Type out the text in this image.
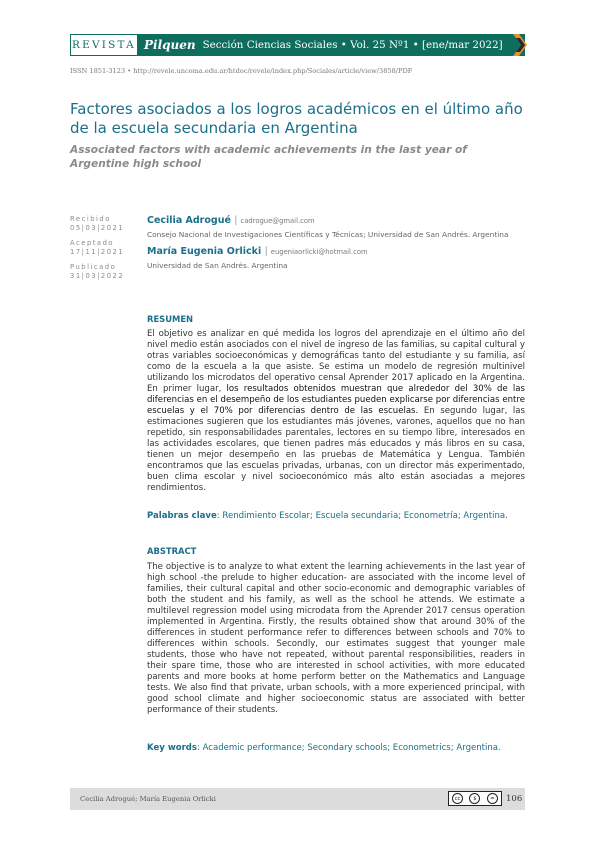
REVISTA Pilquen Sección Ciencias Sociales • Vol. 25 Nº1 • [ene/mar 2022]
ISSN 1851-3123 • http://revele.uncoma.edu.ar/htdoc/revele/index.php/Sociales/article/view/3858/PDF
Factores asociados a los logros académicos en el último año de la escuela secundaria en Argentina

Associated factors with academic achievements in the last year of Argentine high school

Recibido
05|03|2021
Aceptado
17|11|2021
Publicado
31|03|2022
Cecilia Adrogué | cadrogue@gmail.com
Consejo Nacional de Investigaciones Científicas y Técnicas; Universidad de San Andrés. Argentina
María Eugenia Orlicki | eugeniaorlicki@hotmail.com
Universidad de San Andrés. Argentina
RESUMEN

El objetivo es analizar en qué medida los logros del aprendizaje en el último año del nivel medio están asociados con el nivel de ingreso de las familias, su capital cultural y otras variables socioeconómicas y demográficas tanto del estudiante y su familia, así como de la escuela a la que asiste. Se estima un modelo de regresión multinivel utilizando los microdatos del operativo censal Aprender 2017 aplicado en la Argentina. En primer lugar, los resultados obtenidos muestran que alrededor del 30% de las diferencias en el desempeño de los estudiantes pueden explicarse por diferencias entre escuelas y el 70% por diferencias dentro de las escuelas. En segundo lugar, las estimaciones sugieren que los estudiantes más jóvenes, varones, aquellos que no han repetido, sin responsabilidades parentales, lectores en su tiempo libre, interesados en las actividades escolares, que tienen padres más educados y más libros en su casa, tienen un mejor desempeño en las pruebas de Matemática y Lengua. También encontramos que las escuelas privadas, urbanas, con un director más experimentado, buen clima escolar y nivel socioeconómico más alto están asociadas a mejores rendimientos.

Palabras clave: Rendimiento Escolar; Escuela secundaria; Econometría; Argentina.
ABSTRACT

The objective is to analyze to what extent the learning achievements in the last year of high school -the prelude to higher education- are associated with the income level of families, their cultural capital and other socio-economic and demographic variables of both the student and his family, as well as the school he attends. We estimate a multilevel regression model using microdata from the Aprender 2017 census operation implemented in Argentina. Firstly, the results obtained show that around 30% of the differences in student performance refer to differences between schools and 70% to differences within schools. Secondly, our estimates suggest that younger male students, those who have not repeated, without parental responsibilities, readers in their spare time, those who are interested in school activities, with more educated parents and more books at home perform better on the Mathematics and Language tests. We also find that private, urban schools, with a more experienced principal, with good school climate and higher socioeconomic status are associated with better performance of their students.

Key words: Academic performance; Secondary schools; Econometrics; Argentina.
Cecilia Adrogué; María Eugenia Orlicki	cc	$	=	106
